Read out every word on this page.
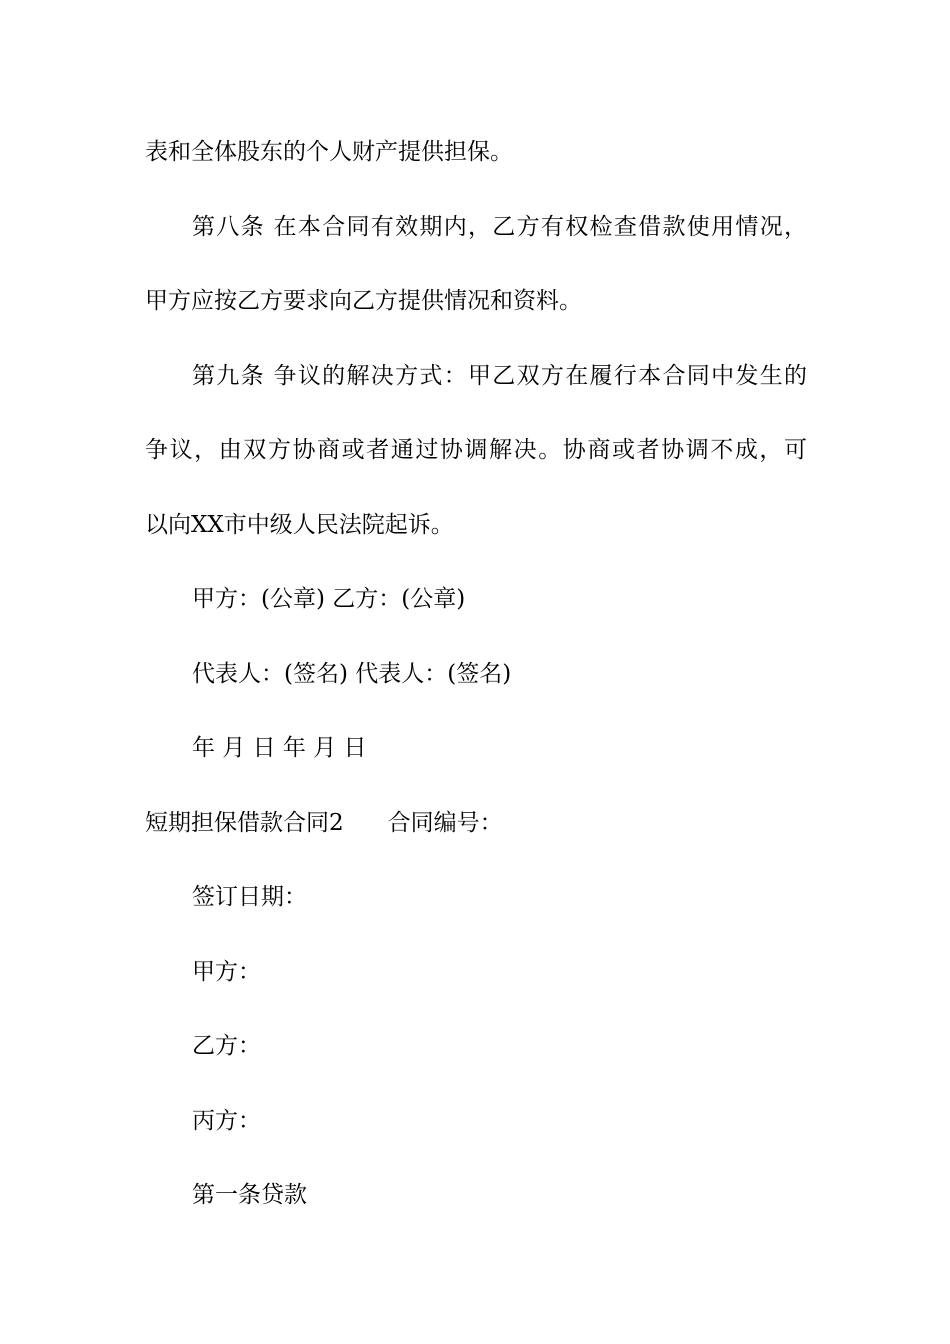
表和全体股东的个人财产提供担保。
第八条 在本合同有效期内，乙方有权检查借款使用情况，
甲方应按乙方要求向乙方提供情况和资料。
第九条 争议的解决方式：甲乙双方在履行本合同中发生的
争议，由双方协商或者通过协调解决。协商或者协调不成，可
以向XX市中级人民法院起诉。
甲方：(公章) 乙方：(公章)
代表人：(签名) 代表人：(签名)
年 月 日 年 月 日
短期担保借款合同2 合同编号：
签订日期：
甲方：
乙方：
丙方：
第一条贷款
